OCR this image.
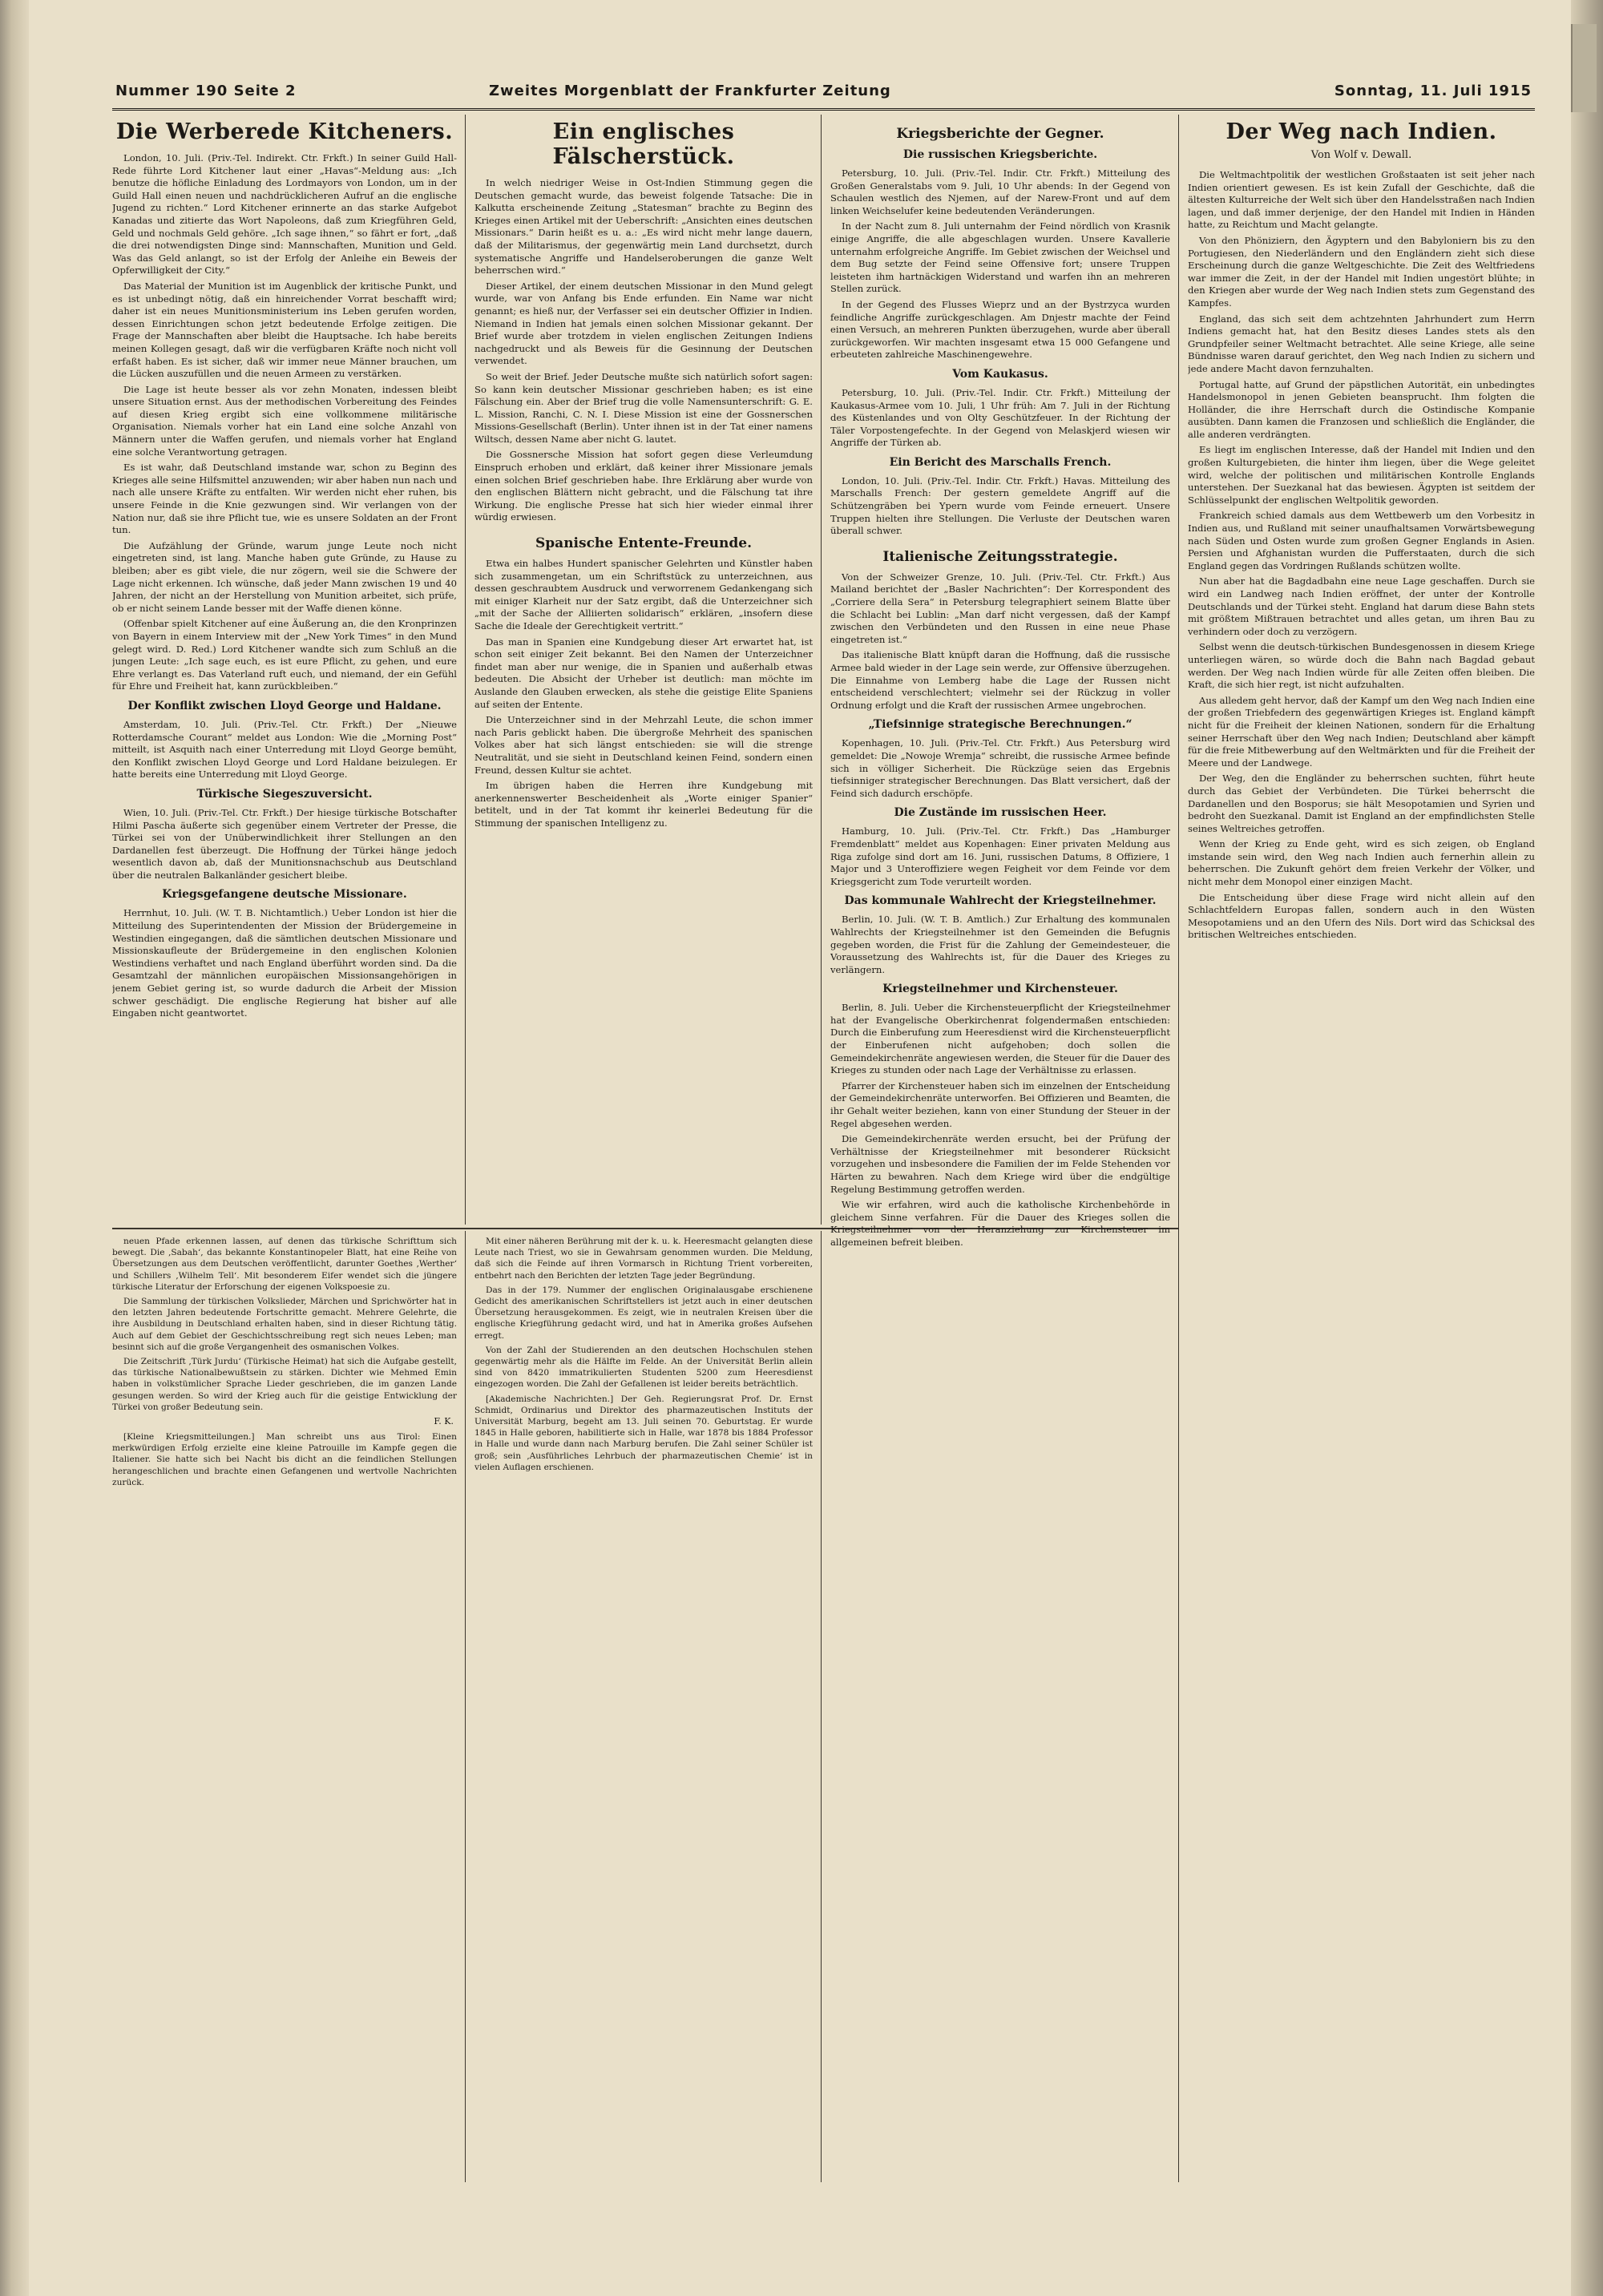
Nummer 190 Seite 2	Zweites Morgenblatt der Frankfurter Zeitung	Sonntag, 11. Juli 1915
Die Werberede Kitcheners.

London, 10. Juli. (Priv.-Tel. Indirekt. Ctr. Frkft.) In seiner Guild Hall-Rede führte Lord Kitchener laut einer „Havas“-Meldung aus: „Ich benutze die höfliche Einladung des Lordmayors von London, um in der Guild Hall einen neuen und nachdrücklicheren Aufruf an die englische Jugend zu richten.“ Lord Kitchener erinnerte an das starke Aufgebot Kanadas und zitierte das Wort Napoleons, daß zum Kriegführen Geld, Geld und nochmals Geld gehöre. „Ich sage ihnen,“ so fährt er fort, „daß die drei notwendigsten Dinge sind: Mannschaften, Munition und Geld. Was das Geld anlangt, so ist der Erfolg der Anleihe ein Beweis der Opferwilligkeit der City.“

Das Material der Munition ist im Augenblick der kritische Punkt, und es ist unbedingt nötig, daß ein hinreichender Vorrat beschafft wird; daher ist ein neues Munitionsministerium ins Leben gerufen worden, dessen Einrichtungen schon jetzt bedeutende Erfolge zeitigen. Die Frage der Mannschaften aber bleibt die Hauptsache. Ich habe bereits meinen Kollegen gesagt, daß wir die verfügbaren Kräfte noch nicht voll erfaßt haben. Es ist sicher, daß wir immer neue Männer brauchen, um die Lücken auszufüllen und die neuen Armeen zu verstärken.

Die Lage ist heute besser als vor zehn Monaten, indessen bleibt unsere Situation ernst. Aus der methodischen Vorbereitung des Feindes auf diesen Krieg ergibt sich eine vollkommene militärische Organisation. Niemals vorher hat ein Land eine solche Anzahl von Männern unter die Waffen gerufen, und niemals vorher hat England eine solche Verantwortung getragen.

Es ist wahr, daß Deutschland imstande war, schon zu Beginn des Krieges alle seine Hilfsmittel anzuwenden; wir aber haben nun nach und nach alle unsere Kräfte zu entfalten. Wir werden nicht eher ruhen, bis unsere Feinde in die Knie gezwungen sind. Wir verlangen von der Nation nur, daß sie ihre Pflicht tue, wie es unsere Soldaten an der Front tun.

Die Aufzählung der Gründe, warum junge Leute noch nicht eingetreten sind, ist lang. Manche haben gute Gründe, zu Hause zu bleiben; aber es gibt viele, die nur zögern, weil sie die Schwere der Lage nicht erkennen. Ich wünsche, daß jeder Mann zwischen 19 und 40 Jahren, der nicht an der Herstellung von Munition arbeitet, sich prüfe, ob er nicht seinem Lande besser mit der Waffe dienen könne.

(Offenbar spielt Kitchener auf eine Äußerung an, die den Kronprinzen von Bayern in einem Interview mit der „New York Times“ in den Mund gelegt wird. D. Red.) Lord Kitchener wandte sich zum Schluß an die jungen Leute: „Ich sage euch, es ist eure Pflicht, zu gehen, und eure Ehre verlangt es. Das Vaterland ruft euch, und niemand, der ein Gefühl für Ehre und Freiheit hat, kann zurückbleiben.“

Der Konflikt zwischen Lloyd George und Haldane.

Amsterdam, 10. Juli. (Priv.-Tel. Ctr. Frkft.) Der „Nieuwe Rotterdamsche Courant“ meldet aus London: Wie die „Morning Post“ mitteilt, ist Asquith nach einer Unterredung mit Lloyd George bemüht, den Konflikt zwischen Lloyd George und Lord Haldane beizulegen. Er hatte bereits eine Unterredung mit Lloyd George.

Türkische Siegeszuversicht.

Wien, 10. Juli. (Priv.-Tel. Ctr. Frkft.) Der hiesige türkische Botschafter Hilmi Pascha äußerte sich gegenüber einem Vertreter der Presse, die Türkei sei von der Unüberwindlichkeit ihrer Stellungen an den Dardanellen fest überzeugt. Die Hoffnung der Türkei hänge jedoch wesentlich davon ab, daß der Munitionsnachschub aus Deutschland über die neutralen Balkanländer gesichert bleibe.

Kriegsgefangene deutsche Missionare.

Herrnhut, 10. Juli. (W. T. B. Nichtamtlich.) Ueber London ist hier die Mitteilung des Superintendenten der Mission der Brüdergemeine in Westindien eingegangen, daß die sämtlichen deutschen Missionare und Missionskaufleute der Brüdergemeine in den englischen Kolonien Westindiens verhaftet und nach England überführt worden sind. Da die Gesamtzahl der männlichen europäischen Missionsangehörigen in jenem Gebiet gering ist, so wurde dadurch die Arbeit der Mission schwer geschädigt. Die englische Regierung hat bisher auf alle Eingaben nicht geantwortet.

Ein englisches Fälscherstück.

In welch niedriger Weise in Ost-Indien Stimmung gegen die Deutschen gemacht wurde, das beweist folgende Tatsache: Die in Kalkutta erscheinende Zeitung „Statesman“ brachte zu Beginn des Krieges einen Artikel mit der Ueberschrift: „Ansichten eines deutschen Missionars.“ Darin heißt es u. a.: „Es wird nicht mehr lange dauern, daß der Militarismus, der gegenwärtig mein Land durchsetzt, durch systematische Angriffe und Handelseroberungen die ganze Welt beherrschen wird.“

Dieser Artikel, der einem deutschen Missionar in den Mund gelegt wurde, war von Anfang bis Ende erfunden. Ein Name war nicht genannt; es hieß nur, der Verfasser sei ein deutscher Offizier in Indien. Niemand in Indien hat jemals einen solchen Missionar gekannt. Der Brief wurde aber trotzdem in vielen englischen Zeitungen Indiens nachgedruckt und als Beweis für die Gesinnung der Deutschen verwendet.

So weit der Brief. Jeder Deutsche mußte sich natürlich sofort sagen: So kann kein deutscher Missionar geschrieben haben; es ist eine Fälschung ein. Aber der Brief trug die volle Namensunterschrift: G. E. L. Mission, Ranchi, C. N. I. Diese Mission ist eine der Gossnerschen Missions-Gesellschaft (Berlin). Unter ihnen ist in der Tat einer namens Wiltsch, dessen Name aber nicht G. lautet.

Die Gossnersche Mission hat sofort gegen diese Verleumdung Einspruch erhoben und erklärt, daß keiner ihrer Missionare jemals einen solchen Brief geschrieben habe. Ihre Erklärung aber wurde von den englischen Blättern nicht gebracht, und die Fälschung tat ihre Wirkung. Die englische Presse hat sich hier wieder einmal ihrer würdig erwiesen.

Spanische Entente-Freunde.

Etwa ein halbes Hundert spanischer Gelehrten und Künstler haben sich zusammengetan, um ein Schriftstück zu unterzeichnen, aus dessen geschraubtem Ausdruck und verworrenem Gedankengang sich mit einiger Klarheit nur der Satz ergibt, daß die Unterzeichner sich „mit der Sache der Alliierten solidarisch“ erklären, „insofern diese Sache die Ideale der Gerechtigkeit vertritt.“

Das man in Spanien eine Kundgebung dieser Art erwartet hat, ist schon seit einiger Zeit bekannt. Bei den Namen der Unterzeichner findet man aber nur wenige, die in Spanien und außerhalb etwas bedeuten. Die Absicht der Urheber ist deutlich: man möchte im Auslande den Glauben erwecken, als stehe die geistige Elite Spaniens auf seiten der Entente.

Die Unterzeichner sind in der Mehrzahl Leute, die schon immer nach Paris geblickt haben. Die übergroße Mehrheit des spanischen Volkes aber hat sich längst entschieden: sie will die strenge Neutralität, und sie sieht in Deutschland keinen Feind, sondern einen Freund, dessen Kultur sie achtet.

Im übrigen haben die Herren ihre Kundgebung mit anerkennenswerter Bescheidenheit als „Worte einiger Spanier“ betitelt, und in der Tat kommt ihr keinerlei Bedeutung für die Stimmung der spanischen Intelligenz zu.

Kriegsberichte der Gegner.
Die russischen Kriegsberichte.

Petersburg, 10. Juli. (Priv.-Tel. Indir. Ctr. Frkft.) Mitteilung des Großen Generalstabs vom 9. Juli, 10 Uhr abends: In der Gegend von Schaulen westlich des Njemen, auf der Narew-Front und auf dem linken Weichselufer keine bedeutenden Veränderungen.

In der Nacht zum 8. Juli unternahm der Feind nördlich von Krasnik einige Angriffe, die alle abgeschlagen wurden. Unsere Kavallerie unternahm erfolgreiche Angriffe. Im Gebiet zwischen der Weichsel und dem Bug setzte der Feind seine Offensive fort; unsere Truppen leisteten ihm hartnäckigen Widerstand und warfen ihn an mehreren Stellen zurück.

In der Gegend des Flusses Wieprz und an der Bystrzyca wurden feindliche Angriffe zurückgeschlagen. Am Dnjestr machte der Feind einen Versuch, an mehreren Punkten überzugehen, wurde aber überall zurückgeworfen. Wir machten insgesamt etwa 15 000 Gefangene und erbeuteten zahlreiche Maschinengewehre.

Vom Kaukasus.

Petersburg, 10. Juli. (Priv.-Tel. Indir. Ctr. Frkft.) Mitteilung der Kaukasus-Armee vom 10. Juli, 1 Uhr früh: Am 7. Juli in der Richtung des Küstenlandes und von Olty Geschützfeuer. In der Richtung der Täler Vorpostengefechte. In der Gegend von Melaskjerd wiesen wir Angriffe der Türken ab.

Ein Bericht des Marschalls French.

London, 10. Juli. (Priv.-Tel. Indir. Ctr. Frkft.) Havas. Mitteilung des Marschalls French: Der gestern gemeldete Angriff auf die Schützengräben bei Ypern wurde vom Feinde erneuert. Unsere Truppen hielten ihre Stellungen. Die Verluste der Deutschen waren überall schwer.

Italienische Zeitungsstrategie.

Von der Schweizer Grenze, 10. Juli. (Priv.-Tel. Ctr. Frkft.) Aus Mailand berichtet der „Basler Nachrichten“: Der Korrespondent des „Corriere della Sera“ in Petersburg telegraphiert seinem Blatte über die Schlacht bei Lublin: „Man darf nicht vergessen, daß der Kampf zwischen den Verbündeten und den Russen in eine neue Phase eingetreten ist.“

Das italienische Blatt knüpft daran die Hoffnung, daß die russische Armee bald wieder in der Lage sein werde, zur Offensive überzugehen. Die Einnahme von Lemberg habe die Lage der Russen nicht entscheidend verschlechtert; vielmehr sei der Rückzug in voller Ordnung erfolgt und die Kraft der russischen Armee ungebrochen.

„Tiefsinnige strategische Berechnungen.“

Kopenhagen, 10. Juli. (Priv.-Tel. Ctr. Frkft.) Aus Petersburg wird gemeldet: Die „Nowoje Wremja“ schreibt, die russische Armee befinde sich in völliger Sicherheit. Die Rückzüge seien das Ergebnis tiefsinniger strategischer Berechnungen. Das Blatt versichert, daß der Feind sich dadurch erschöpfe.

Die Zustände im russischen Heer.

Hamburg, 10. Juli. (Priv.-Tel. Ctr. Frkft.) Das „Hamburger Fremdenblatt“ meldet aus Kopenhagen: Einer privaten Meldung aus Riga zufolge sind dort am 16. Juni, russischen Datums, 8 Offiziere, 1 Major und 3 Unteroffiziere wegen Feigheit vor dem Feinde vor dem Kriegsgericht zum Tode verurteilt worden.

Das kommunale Wahlrecht der Kriegsteilnehmer.

Berlin, 10. Juli. (W. T. B. Amtlich.) Zur Erhaltung des kommunalen Wahlrechts der Kriegsteilnehmer ist den Gemeinden die Befugnis gegeben worden, die Frist für die Zahlung der Gemeindesteuer, die Voraussetzung des Wahlrechts ist, für die Dauer des Krieges zu verlängern.

Kriegsteilnehmer und Kirchensteuer.

Berlin, 8. Juli. Ueber die Kirchensteuerpflicht der Kriegsteilnehmer hat der Evangelische Oberkirchenrat folgendermaßen entschieden: Durch die Einberufung zum Heeresdienst wird die Kirchensteuerpflicht der Einberufenen nicht aufgehoben; doch sollen die Gemeindekirchenräte angewiesen werden, die Steuer für die Dauer des Krieges zu stunden oder nach Lage der Verhältnisse zu erlassen.

Pfarrer der Kirchensteuer haben sich im einzelnen der Entscheidung der Gemeindekirchenräte unterworfen. Bei Offizieren und Beamten, die ihr Gehalt weiter beziehen, kann von einer Stundung der Steuer in der Regel abgesehen werden.

Die Gemeindekirchenräte werden ersucht, bei der Prüfung der Verhältnisse der Kriegsteilnehmer mit besonderer Rücksicht vorzugehen und insbesondere die Familien der im Felde Stehenden vor Härten zu bewahren. Nach dem Kriege wird über die endgültige Regelung Bestimmung getroffen werden.

Wie wir erfahren, wird auch die katholische Kirchenbehörde in gleichem Sinne verfahren. Für die Dauer des Krieges sollen die Kriegsteilnehmer von der Heranziehung zur Kirchensteuer im allgemeinen befreit bleiben.

Der Weg nach Indien.
Von Wolf v. Dewall.

Die Weltmachtpolitik der westlichen Großstaaten ist seit jeher nach Indien orientiert gewesen. Es ist kein Zufall der Geschichte, daß die ältesten Kulturreiche der Welt sich über den Handelsstraßen nach Indien lagen, und daß immer derjenige, der den Handel mit Indien in Händen hatte, zu Reichtum und Macht gelangte.

Von den Phöniziern, den Ägyptern und den Babyloniern bis zu den Portugiesen, den Niederländern und den Engländern zieht sich diese Erscheinung durch die ganze Weltgeschichte. Die Zeit des Weltfriedens war immer die Zeit, in der der Handel mit Indien ungestört blühte; in den Kriegen aber wurde der Weg nach Indien stets zum Gegenstand des Kampfes.

England, das sich seit dem achtzehnten Jahrhundert zum Herrn Indiens gemacht hat, hat den Besitz dieses Landes stets als den Grundpfeiler seiner Weltmacht betrachtet. Alle seine Kriege, alle seine Bündnisse waren darauf gerichtet, den Weg nach Indien zu sichern und jede andere Macht davon fernzuhalten.

Portugal hatte, auf Grund der päpstlichen Autorität, ein unbedingtes Handelsmonopol in jenen Gebieten beansprucht. Ihm folgten die Holländer, die ihre Herrschaft durch die Ostindische Kompanie ausübten. Dann kamen die Franzosen und schließlich die Engländer, die alle anderen verdrängten.

Es liegt im englischen Interesse, daß der Handel mit Indien und den großen Kulturgebieten, die hinter ihm liegen, über die Wege geleitet wird, welche der politischen und militärischen Kontrolle Englands unterstehen. Der Suezkanal hat das bewiesen. Ägypten ist seitdem der Schlüsselpunkt der englischen Weltpolitik geworden.

Frankreich schied damals aus dem Wettbewerb um den Vorbesitz in Indien aus, und Rußland mit seiner unaufhaltsamen Vorwärtsbewegung nach Süden und Osten wurde zum großen Gegner Englands in Asien. Persien und Afghanistan wurden die Pufferstaaten, durch die sich England gegen das Vordringen Rußlands schützen wollte.

Nun aber hat die Bagdadbahn eine neue Lage geschaffen. Durch sie wird ein Landweg nach Indien eröffnet, der unter der Kontrolle Deutschlands und der Türkei steht. England hat darum diese Bahn stets mit größtem Mißtrauen betrachtet und alles getan, um ihren Bau zu verhindern oder doch zu verzögern.

Selbst wenn die deutsch-türkischen Bundesgenossen in diesem Kriege unterliegen wären, so würde doch die Bahn nach Bagdad gebaut werden. Der Weg nach Indien würde für alle Zeiten offen bleiben. Die Kraft, die sich hier regt, ist nicht aufzuhalten.

Aus alledem geht hervor, daß der Kampf um den Weg nach Indien eine der großen Triebfedern des gegenwärtigen Krieges ist. England kämpft nicht für die Freiheit der kleinen Nationen, sondern für die Erhaltung seiner Herrschaft über den Weg nach Indien; Deutschland aber kämpft für die freie Mitbewerbung auf den Weltmärkten und für die Freiheit der Meere und der Landwege.

Der Weg, den die Engländer zu beherrschen suchten, führt heute durch das Gebiet der Verbündeten. Die Türkei beherrscht die Dardanellen und den Bosporus; sie hält Mesopotamien und Syrien und bedroht den Suezkanal. Damit ist England an der empfindlichsten Stelle seines Weltreiches getroffen.

Wenn der Krieg zu Ende geht, wird es sich zeigen, ob England imstande sein wird, den Weg nach Indien auch fernerhin allein zu beherrschen. Die Zukunft gehört dem freien Verkehr der Völker, und nicht mehr dem Monopol einer einzigen Macht.

Die Entscheidung über diese Frage wird nicht allein auf den Schlachtfeldern Europas fallen, sondern auch in den Wüsten Mesopotamiens und an den Ufern des Nils. Dort wird das Schicksal des britischen Weltreiches entschieden.

neuen Pfade erkennen lassen, auf denen das türkische Schrifttum sich bewegt. Die ‚Sabah‘, das bekannte Konstantinopeler Blatt, hat eine Reihe von Übersetzungen aus dem Deutschen veröffentlicht, darunter Goethes ‚Werther‘ und Schillers ‚Wilhelm Tell‘. Mit besonderem Eifer wendet sich die jüngere türkische Literatur der Erforschung der eigenen Volkspoesie zu.

Die Sammlung der türkischen Volkslieder, Märchen und Sprichwörter hat in den letzten Jahren bedeutende Fortschritte gemacht. Mehrere Gelehrte, die ihre Ausbildung in Deutschland erhalten haben, sind in dieser Richtung tätig. Auch auf dem Gebiet der Geschichtsschreibung regt sich neues Leben; man besinnt sich auf die große Vergangenheit des osmanischen Volkes.

Die Zeitschrift ‚Türk Jurdu‘ (Türkische Heimat) hat sich die Aufgabe gestellt, das türkische Nationalbewußtsein zu stärken. Dichter wie Mehmed Emin haben in volkstümlicher Sprache Lieder geschrieben, die im ganzen Lande gesungen werden. So wird der Krieg auch für die geistige Entwicklung der Türkei von großer Bedeutung sein.

F. K.

[Kleine Kriegsmitteilungen.] Man schreibt uns aus Tirol: Einen merkwürdigen Erfolg erzielte eine kleine Patrouille im Kampfe gegen die Italiener. Sie hatte sich bei Nacht bis dicht an die feindlichen Stellungen herangeschlichen und brachte einen Gefangenen und wertvolle Nachrichten zurück.

Mit einer näheren Berührung mit der k. u. k. Heeresmacht gelangten diese Leute nach Triest, wo sie in Gewahrsam genommen wurden. Die Meldung, daß sich die Feinde auf ihren Vormarsch in Richtung Trient vorbereiten, entbehrt nach den Berichten der letzten Tage jeder Begründung.

Das in der 179. Nummer der englischen Originalausgabe erschienene Gedicht des amerikanischen Schriftstellers ist jetzt auch in einer deutschen Übersetzung herausgekommen. Es zeigt, wie in neutralen Kreisen über die englische Kriegführung gedacht wird, und hat in Amerika großes Aufsehen erregt.

Von der Zahl der Studierenden an den deutschen Hochschulen stehen gegenwärtig mehr als die Hälfte im Felde. An der Universität Berlin allein sind von 8420 immatrikulierten Studenten 5200 zum Heeresdienst eingezogen worden. Die Zahl der Gefallenen ist leider bereits beträchtlich.

[Akademische Nachrichten.] Der Geh. Regierungsrat Prof. Dr. Ernst Schmidt, Ordinarius und Direktor des pharmazeutischen Instituts der Universität Marburg, begeht am 13. Juli seinen 70. Geburtstag. Er wurde 1845 in Halle geboren, habilitierte sich in Halle, war 1878 bis 1884 Professor in Halle und wurde dann nach Marburg berufen. Die Zahl seiner Schüler ist groß; sein ‚Ausführliches Lehrbuch der pharmazeutischen Chemie‘ ist in vielen Auflagen erschienen.
